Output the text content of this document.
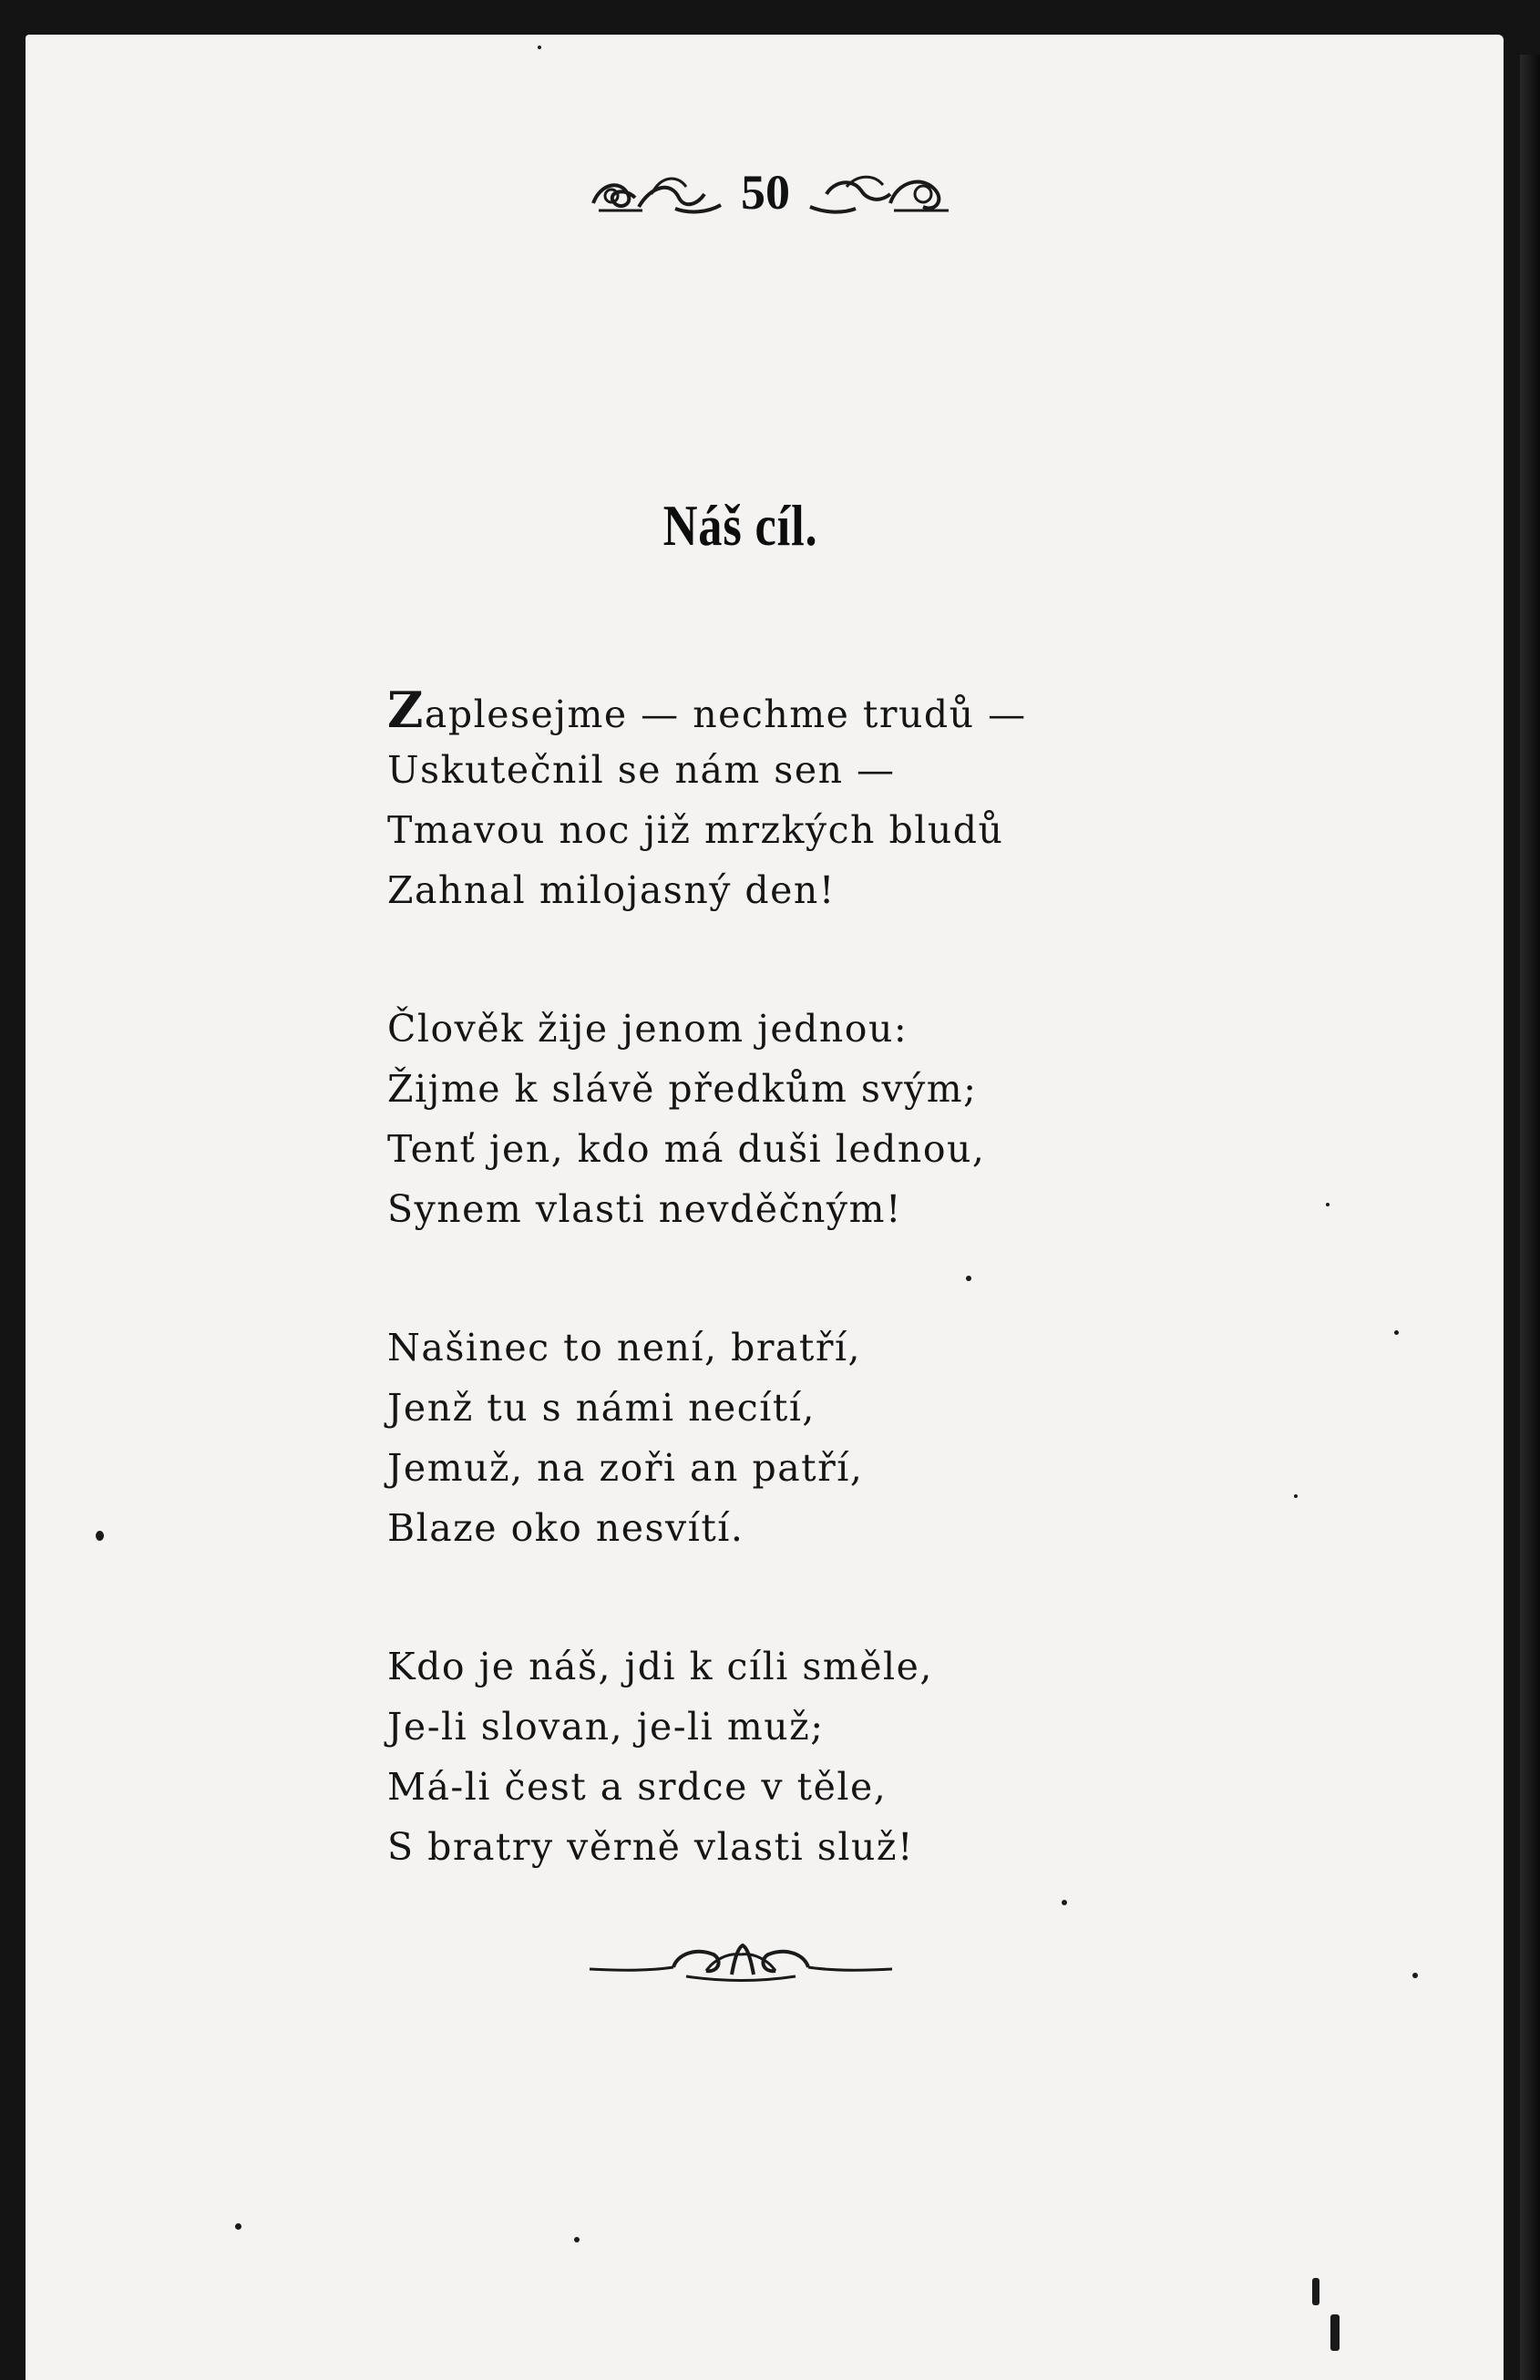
50
Náš cíl.
Zaplesejme — nechme trudů —
Uskutečnil se nám sen —
Tmavou noc již mrzkých bludů
Zahnal milojasný den!
Člověk žije jenom jednou:
Žijme k slávě předkům svým;
Tenť jen, kdo má duši lednou,
Synem vlasti nevděčným!
Našinec to není, bratří,
Jenž tu s námi necítí,
Jemuž, na zoři an patří,
Blaze oko nesvítí.
Kdo je náš, jdi k cíli směle,
Je-li slovan, je-li muž;
Má-li čest a srdce v těle,
S bratry věrně vlasti služ!
